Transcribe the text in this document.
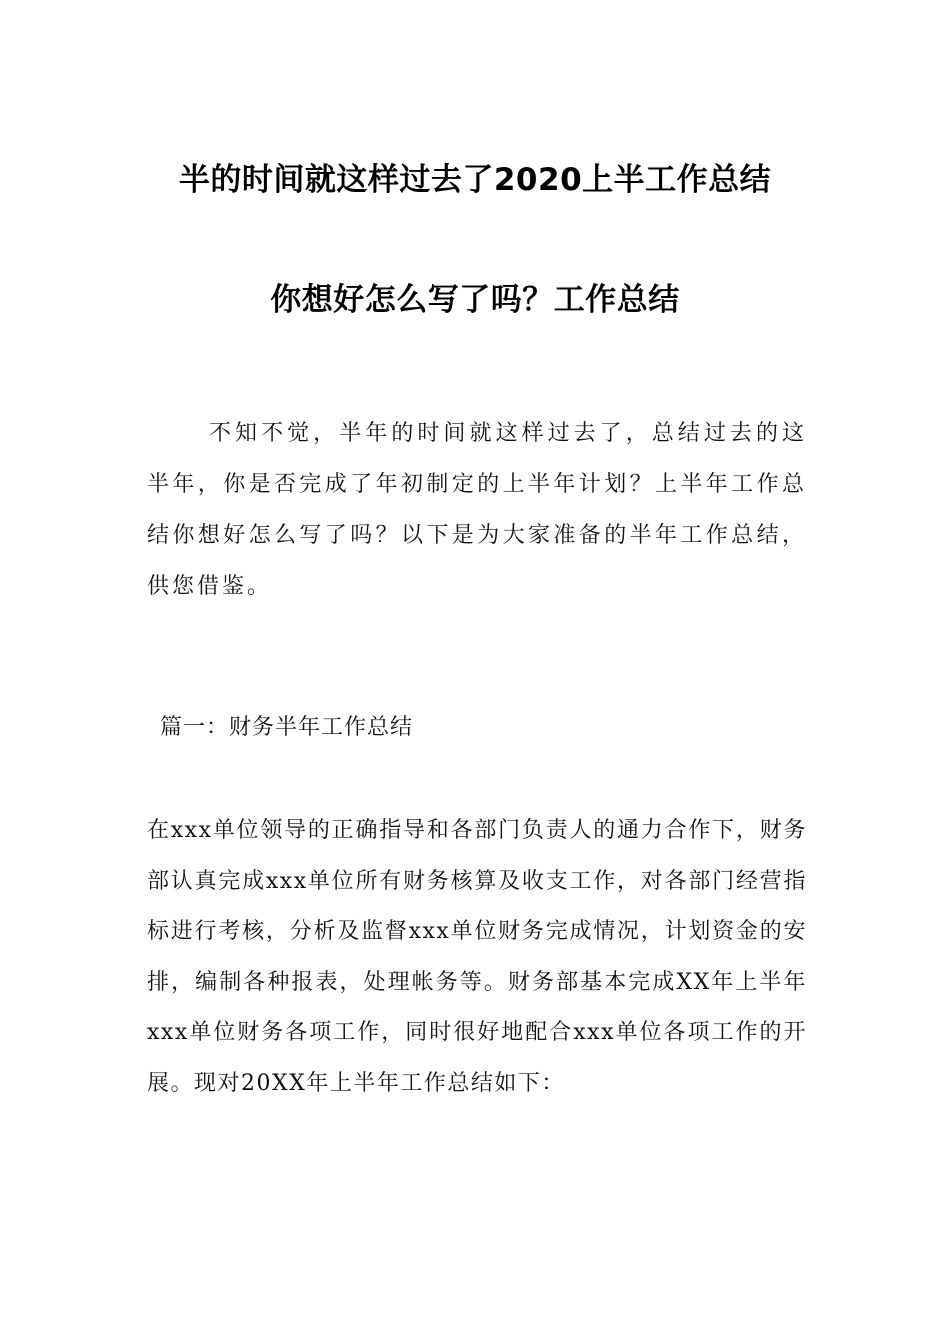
半的时间就这样过去了2020上半工作总结
你想好怎么写了吗？工作总结

不知不觉，半年的时间就这样过去了，总结过去的这半年，你是否完成了年初制定的上半年计划？上半年工作总结你想好怎么写了吗？以下是为大家准备的半年工作总结，供您借鉴。

篇一：财务半年工作总结

在xxx单位领导的正确指导和各部门负责人的通力合作下，财务部认真完成xxx单位所有财务核算及收支工作，对各部门经营指标进行考核，分析及监督xxx单位财务完成情况，计划资金的安排，编制各种报表，处理帐务等。财务部基本完成XX年上半年xxx单位财务各项工作，同时很好地配合xxx单位各项工作的开展。现对20XX年上半年工作总结如下：
